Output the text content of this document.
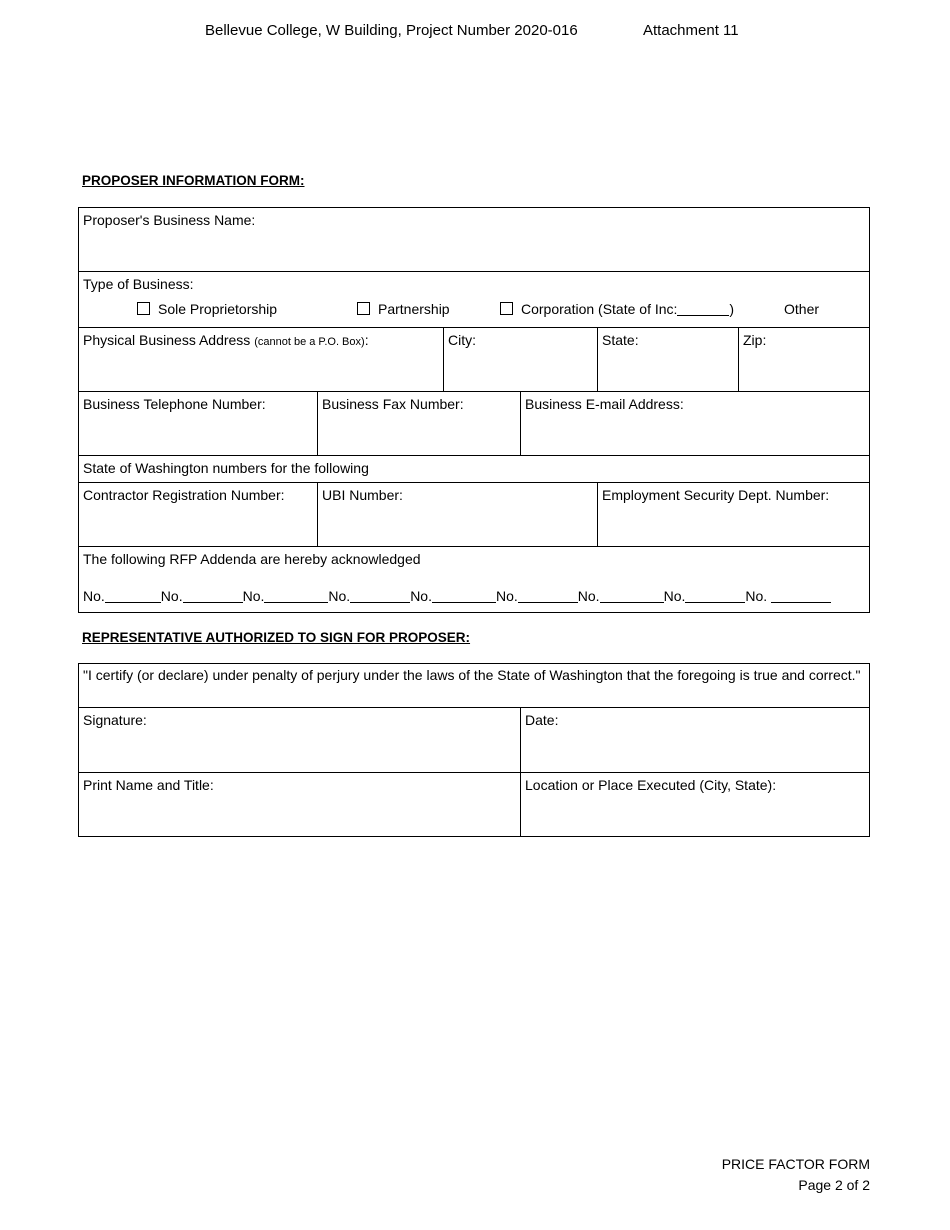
Bellevue College, W Building, Project Number 2020-016	Attachment 11
PROPOSER INFORMATION FORM:
Proposer's Business Name:
Type of Business:
Sole Proprietorship	Partnership	Corporation (State of Inc:	)	Other
Physical Business Address (cannot be a P.O. Box):	City:	State:	Zip:
Business Telephone Number:	Business Fax Number:	Business E-mail Address:
State of Washington numbers for the following
Contractor Registration Number:	UBI Number:	Employment Security Dept. Number:
The following RFP Addenda are hereby acknowledged
No.	No.	No.	No.	No.	No.	No.	No.	No.
REPRESENTATIVE AUTHORIZED TO SIGN FOR PROPOSER:
"I certify (or declare) under penalty of perjury under the laws of the State of Washington that the foregoing is true and correct."
Signature:	Date:
Print Name and Title:	Location or Place Executed (City, State):
PRICE FACTOR FORM
Page 2 of 2
